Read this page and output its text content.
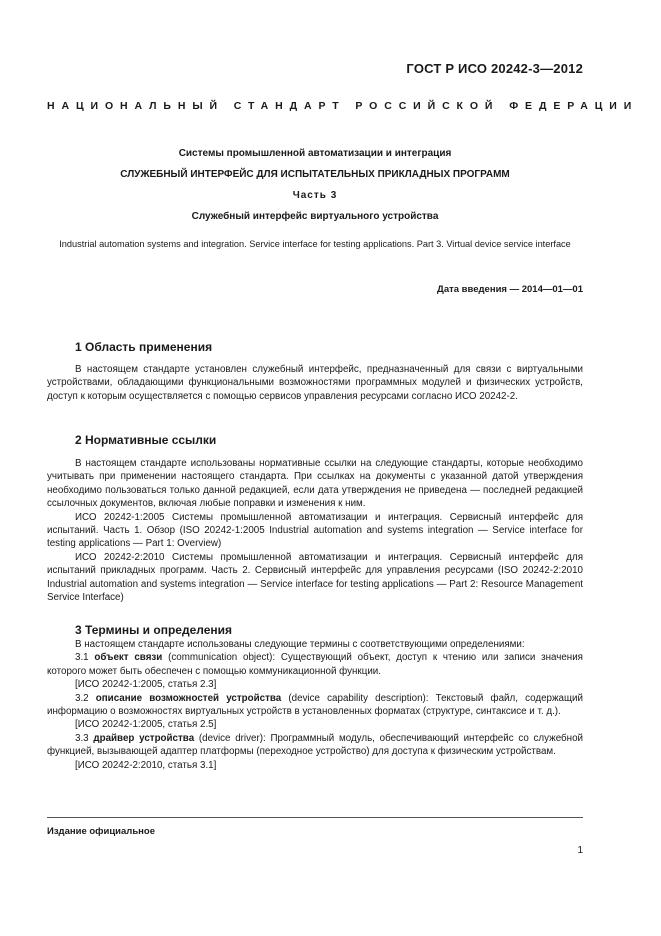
ГОСТ Р ИСО 20242-3—2012
НАЦИОНАЛЬНЫЙ СТАНДАРТ РОССИЙСКОЙ ФЕДЕРАЦИИ
Системы промышленной автоматизации и интеграция
СЛУЖЕБНЫЙ ИНТЕРФЕЙС ДЛЯ ИСПЫТАТЕЛЬНЫХ ПРИКЛАДНЫХ ПРОГРАММ
Часть 3
Служебный интерфейс виртуального устройства
Industrial automation systems and integration. Service interface for testing applications. Part 3. Virtual device service interface
Дата введения — 2014—01—01
1 Область применения

В настоящем стандарте установлен служебный интерфейс, предназначенный для связи с виртуальными устройствами, обладающими функциональными возможностями программных модулей и физических устройств, доступ к которым осуществляется с помощью сервисов управления ресурсами согласно ИСО 20242-2.

2 Нормативные ссылки

В настоящем стандарте использованы нормативные ссылки на следующие стандарты, которые необходимо учитывать при применении настоящего стандарта. При ссылках на документы с указанной датой утверждения необходимо пользоваться только данной редакцией, если дата утверждения не приведена — последней редакцией ссылочных документов, включая любые поправки и изменения к ним.

ИСО 20242-1:2005 Системы промышленной автоматизации и интеграция. Сервисный интерфейс для испытаний. Часть 1. Обзор (ISO 20242-1:2005 Industrial automation and systems integration — Service interface for testing applications — Part 1: Overview)

ИСО 20242-2:2010 Системы промышленной автоматизации и интеграция. Сервисный интерфейс для испытаний прикладных программ. Часть 2. Сервисный интерфейс для управления ресурсами (ISO 20242-2:2010 Industrial automation and systems integration — Service interface for testing applications — Part 2: Resource Management Service Interface)

3 Термины и определения

В настоящем стандарте использованы следующие термины с соответствующими определениями:

3.1 объект связи (communication object): Существующий объект, доступ к чтению или записи значения которого может быть обеспечен с помощью коммуникационной функции.

[ИСО 20242-1:2005, статья 2.3]

3.2 описание возможностей устройства (device capability description): Текстовый файл, содержащий информацию о возможностях виртуальных устройств в установленных форматах (структуре, синтаксисе и т. д.).

[ИСО 20242-1:2005, статья 2.5]

3.3 драйвер устройства (device driver): Программный модуль, обеспечивающий интерфейс со служебной функцией, вызывающей адаптер платформы (переходное устройство) для доступа к физическим устройствам.

[ИСО 20242-2:2010, статья 3.1]

Издание официальное
1
